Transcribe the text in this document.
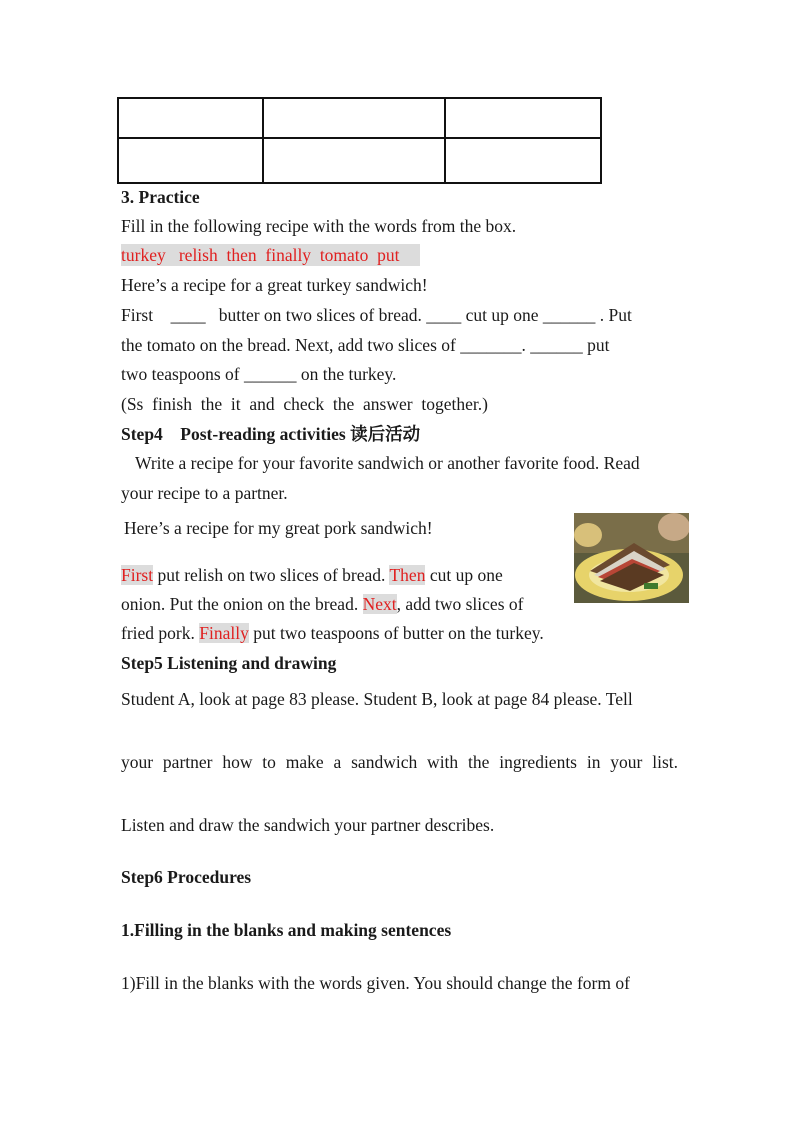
3. Practice
Fill in the following recipe with the words from the box.
turkey relish then finally tomato put
Here’s a recipe for a great turkey sandwich!
First    ____   butter on two slices of bread. ____ cut up one ______ . Put
the tomato on the bread. Next, add two slices of _______. ______ put
two teaspoons of ______ on the turkey.
(Ss  finish  the  it  and  check  the  answer  together.)
Step4    Post-reading activities 读后活动
Write a recipe for your favorite sandwich or another favorite food. Read
your recipe to a partner.
Here’s a recipe for my great pork sandwich!
First put relish on two slices of bread. Then cut up one
onion. Put the onion on the bread. Next, add two slices of
fried pork. Finally put two teaspoons of butter on the turkey.
Step5 Listening and drawing
Student A, look at page 83 please. Student B, look at page 84 please. Tell
your partner how to make a sandwich with the ingredients in your list.
Listen and draw the sandwich your partner describes.
Step6 Procedures
1.Filling in the blanks and making sentences
1)Fill in the blanks with the words given. You should change the form of
